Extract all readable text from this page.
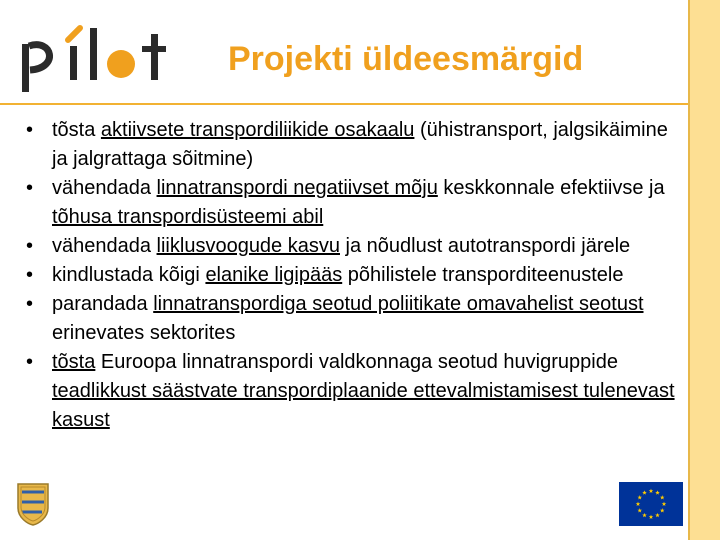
Projekti üldeesmärgid
• tõsta aktiivsete transpordiliikide osakaalu (ühistransport, jalgsikäimine ja jalgrattaga sõitmine)
• vähendada linnatranspordi negatiivset mõju keskkonnale efektiivse ja tõhusa transpordisüsteemi abil
• vähendada liiklusvoogude kasvu ja nõudlust autotranspordi järele
• kindlustada kõigi elanike ligipääs põhilistele transporditeenustele
• parandada linnatranspordiga seotud poliitikate omavahelist seotust erinevates sektorites
• tõsta Euroopa linnatranspordi valdkonnaga seotud huvigruppide teadlikkust säästvate transpordiplaanide ettevalmistamisest tulenevast kasust
